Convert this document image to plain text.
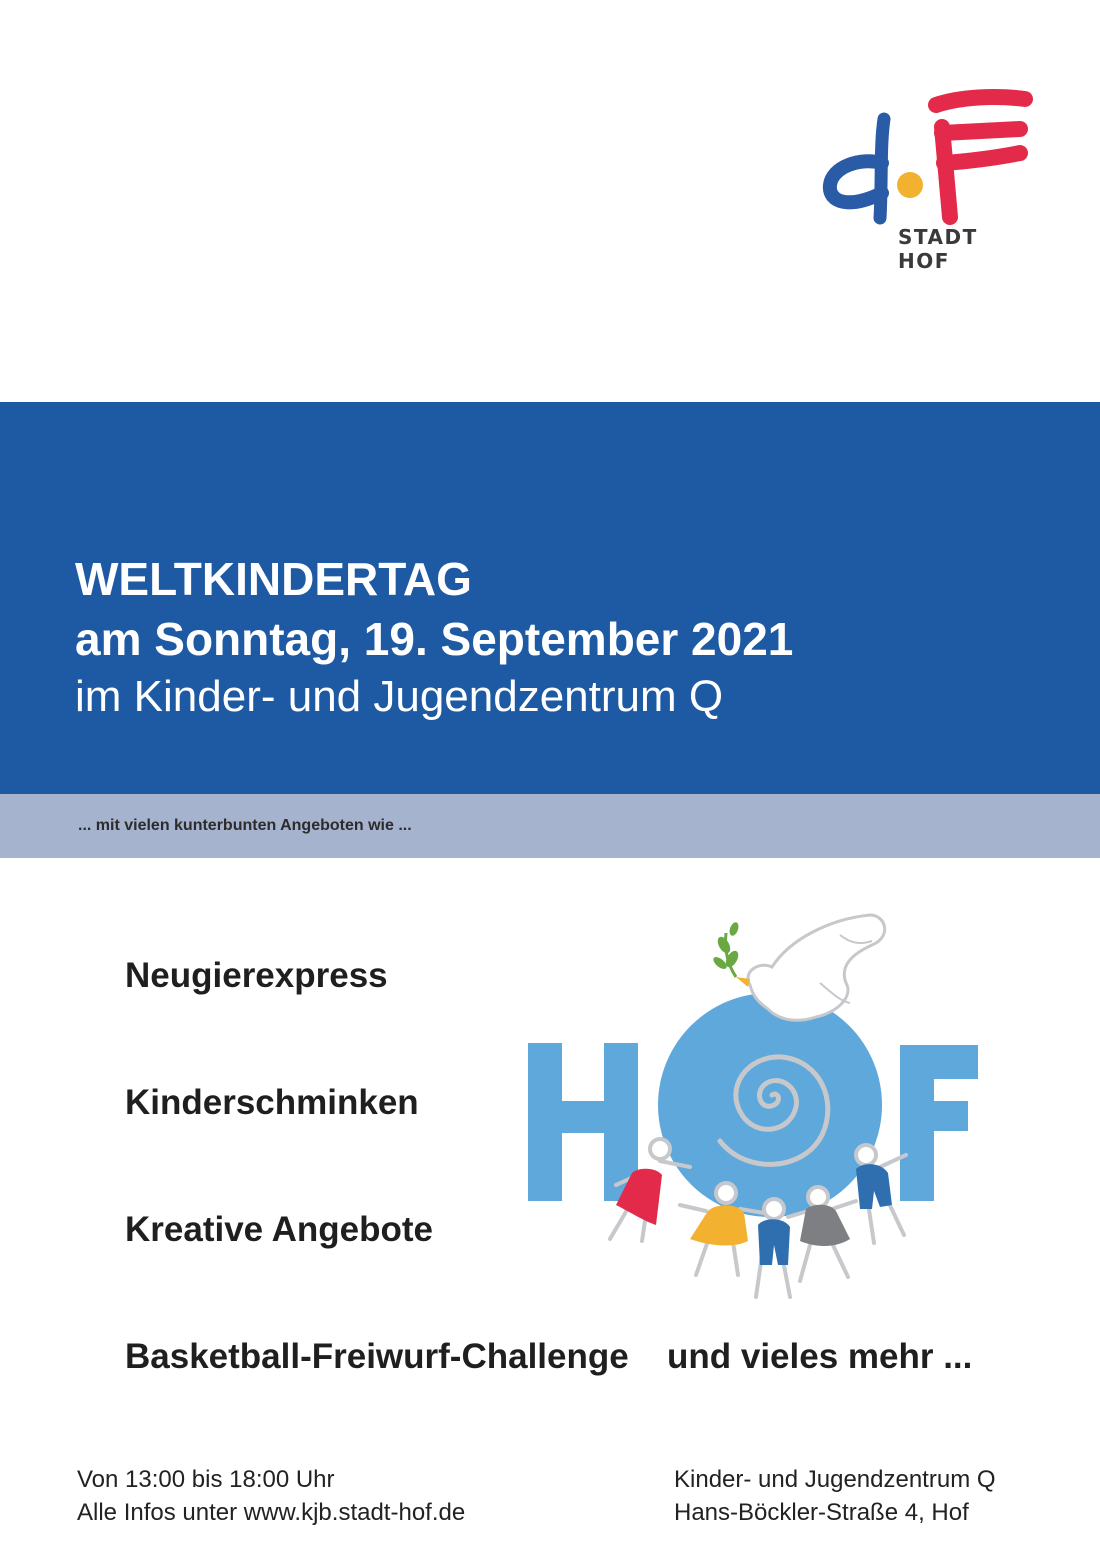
STADT HOF
WELTKINDERTAG
am Sonntag, 19. September 2021
im Kinder- und Jugendzentrum Q
... mit vielen kunterbunten Angeboten wie ...
Neugierexpress
Kinderschminken
Kreative Angebote
Basketball-Freiwurf-Challenge und vieles mehr ...
Von 13:00 bis 18:00 Uhr
Alle Infos unter www.kjb.stadt-hof.de
Kinder- und Jugendzentrum Q
Hans-Böckler-Straße 4, Hof
